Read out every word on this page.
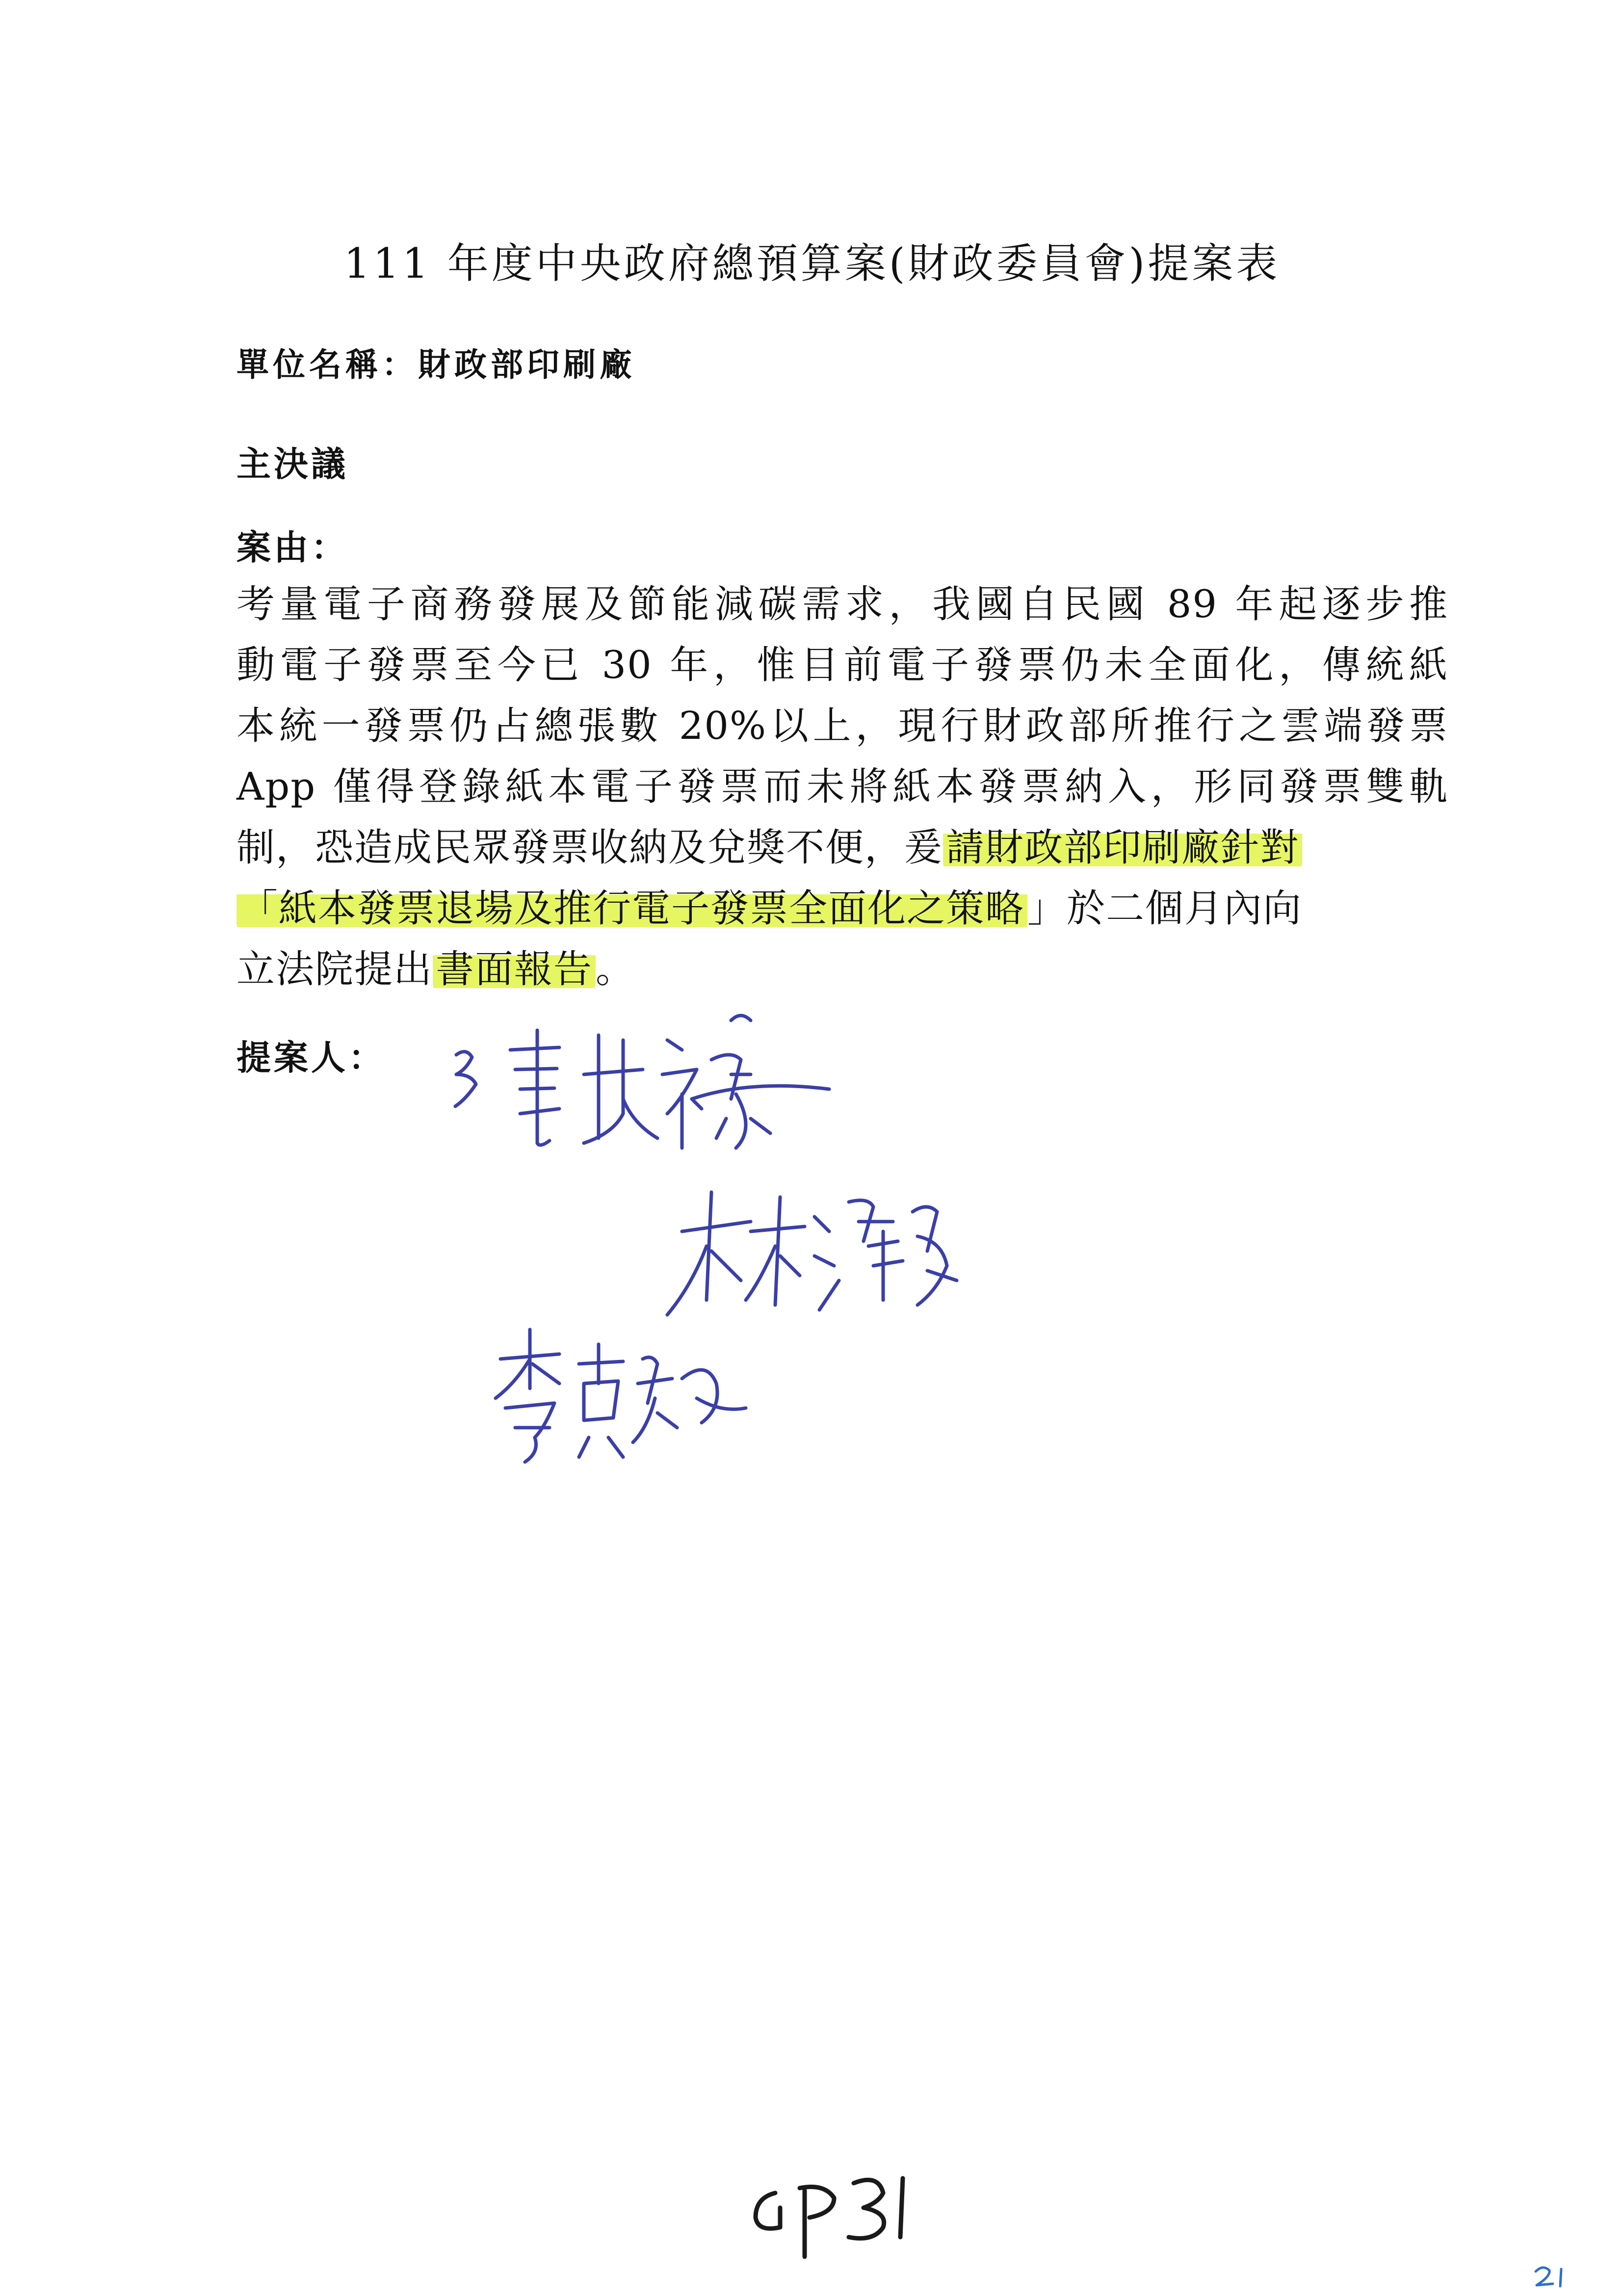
111 年度中央政府總預算案(財政委員會)提案表
單位名稱：財政部印刷廠
主決議
案由：
考量電子商務發展及節能減碳需求，我國自民國 89 年起逐步推
動電子發票至今已 30 年，惟目前電子發票仍未全面化，傳統紙
本統一發票仍占總張數 20%以上，現行財政部所推行之雲端發票
App 僅得登錄紙本電子發票而未將紙本發票納入，形同發票雙軌
制，恐造成民眾發票收納及兌獎不便，爰請財政部印刷廠針對
「紙本發票退場及推行電子發票全面化之策略」於二個月內向
立法院提出書面報告。
提案人：
